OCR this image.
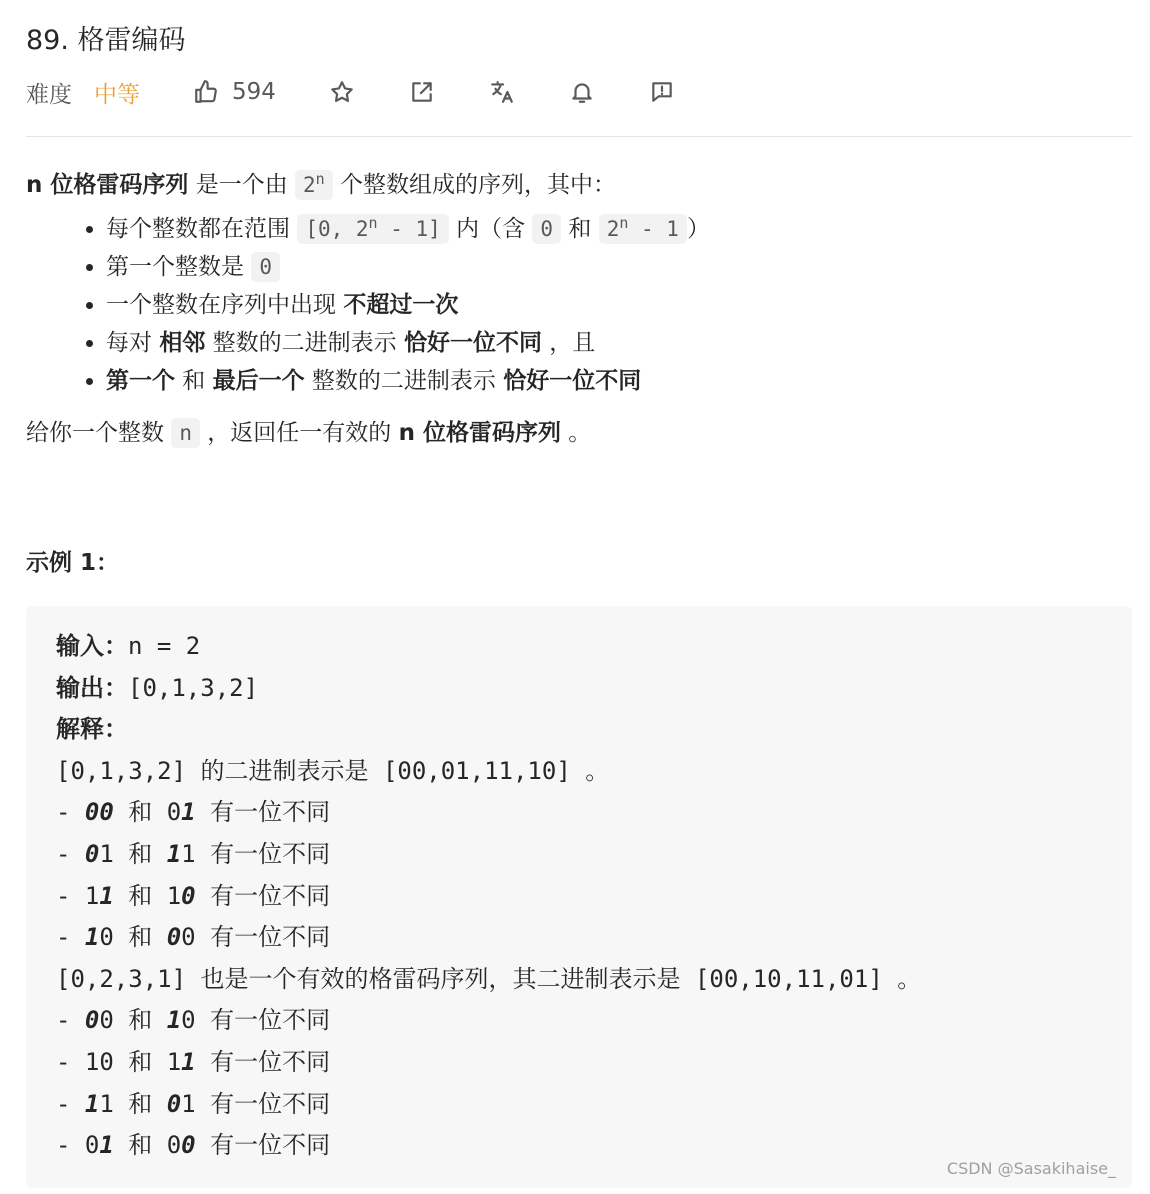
89. 格雷编码
难度 中等	594

n 位格雷码序列 是一个由 2$^n$ 个整数组成的序列，其中：

• 每个整数都在范围 [0, 2$^n$ - 1] 内（含 0 和 2$^n$ - 1 ）
• 第一个整数是 0
• 一个整数在序列中出现 不超过一次
• 每对 相邻 整数的二进制表示 恰好一位不同 ，且
• 第一个 和 最后一个 整数的二进制表示 恰好一位不同

给你一个整数 n ，返回任一有效的 n 位格雷码序列 。

示例 1：
输入：n = 2
输出：[0,1,3,2]
解释：
[0,1,3,2] 的二进制表示是 [00,01,11,10] 。
- 00 和 01 有一位不同
- 01 和 11 有一位不同
- 11 和 10 有一位不同
- 10 和 00 有一位不同
[0,2,3,1] 也是一个有效的格雷码序列，其二进制表示是 [00,10,11,01] 。
- 00 和 10 有一位不同
- 10 和 11 有一位不同
- 11 和 01 有一位不同
- 01 和 00 有一位不同
CSDN @Sasakihaise_
